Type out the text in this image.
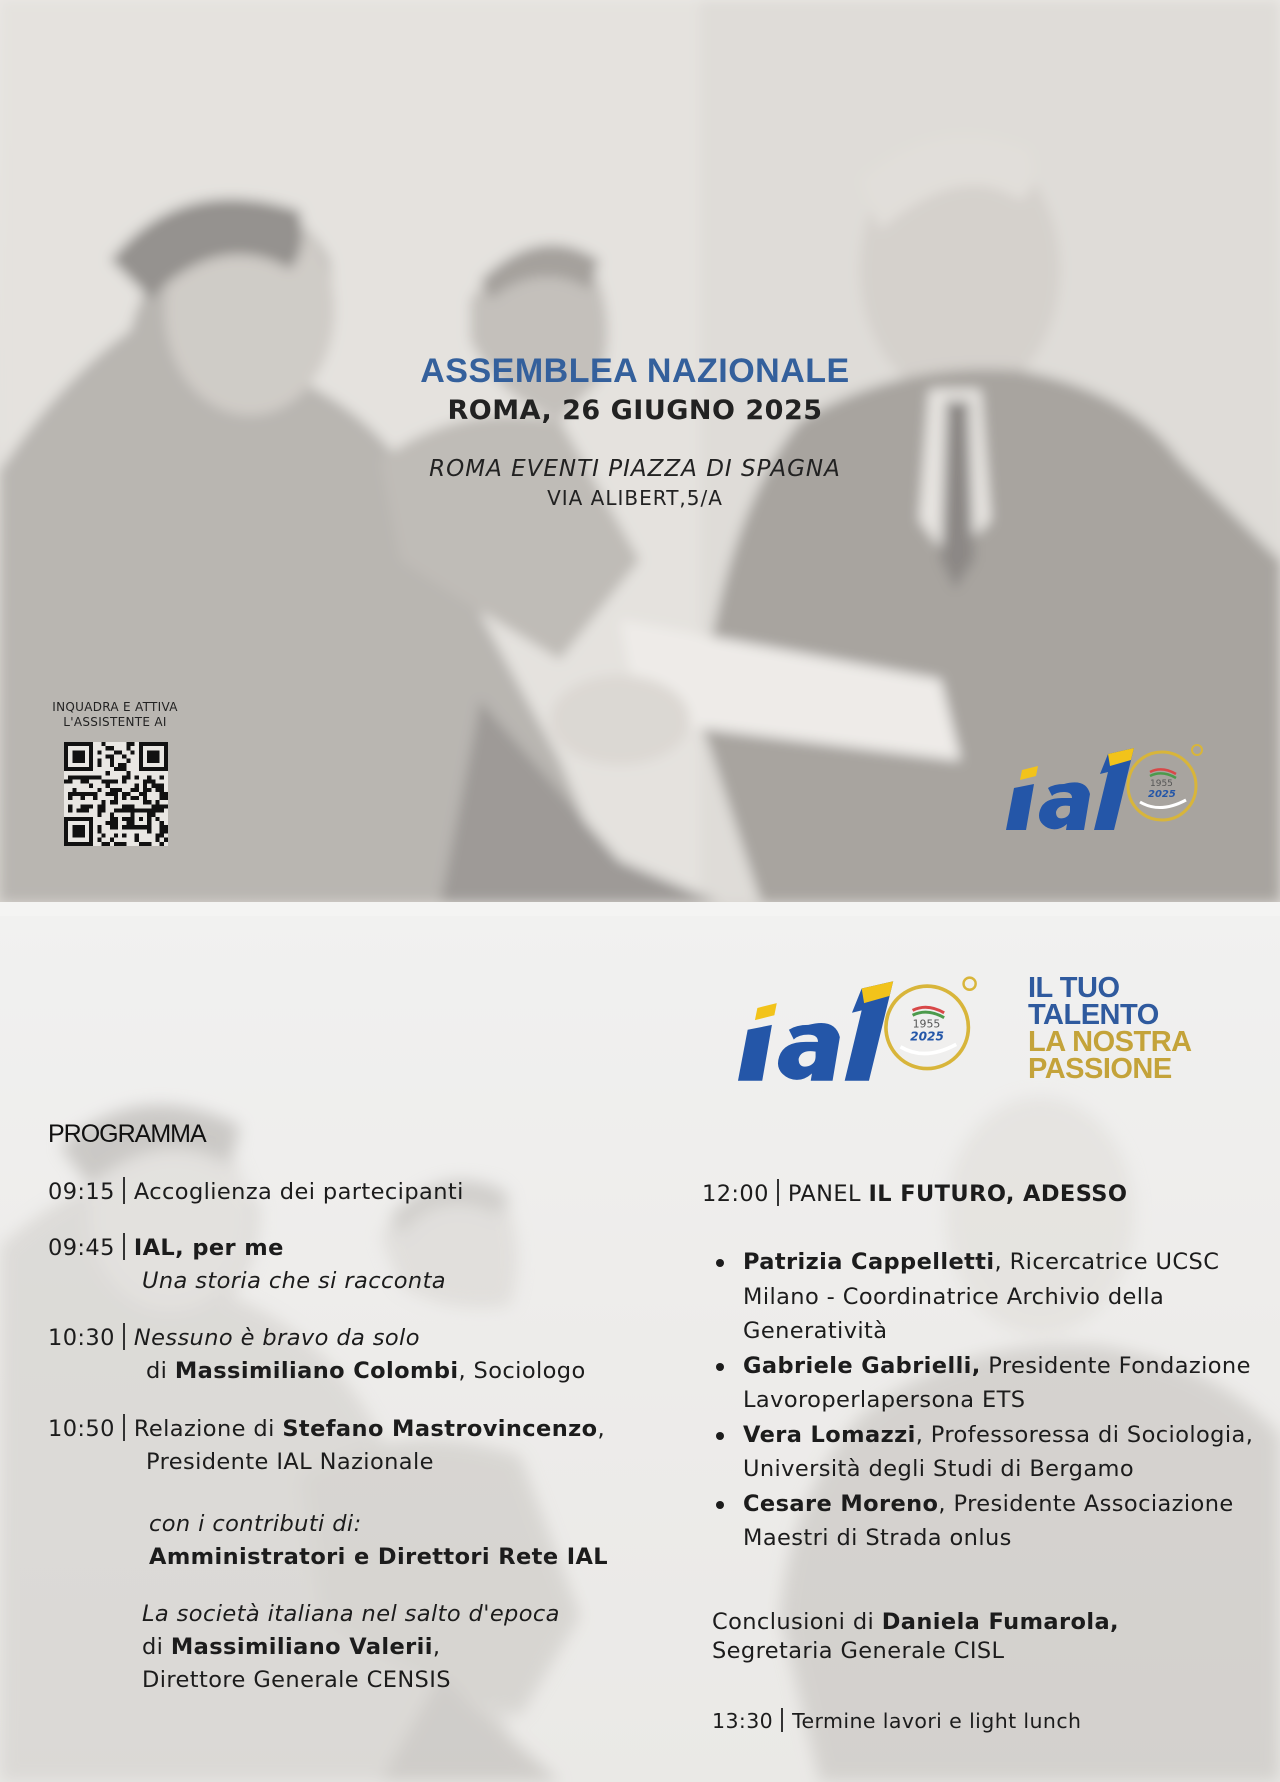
ASSEMBLEA NAZIONALE
ROMA, 26 GIUGNO 2025
ROMA EVENTI PIAZZA DI SPAGNA
VIA ALIBERT,5/A
INQUADRA E ATTIVA
L'ASSISTENTE AI
1955
2025
1955
2025
IL TUO
TALENTO
LA NOSTRA
PASSIONE
PROGRAMMA
09:15 Accoglienza dei partecipanti
09:45 IAL, per me
Una storia che si racconta
10:30 Nessuno è bravo da solo
di Massimiliano Colombi, Sociologo
10:50 Relazione di Stefano Mastrovincenzo,
Presidente IAL Nazionale
con i contributi di:
Amministratori e Direttori Rete IAL
La società italiana nel salto d'epoca
di Massimiliano Valerii,
Direttore Generale CENSIS
12:00 PANEL IL FUTURO, ADESSO
Patrizia Cappelletti, Ricercatrice UCSC Milano - Coordinatrice Archivio della Generatività
Gabriele Gabrielli, Presidente Fondazione Lavoroperlapersona ETS
Vera Lomazzi, Professoressa di Sociologia, Università degli Studi di Bergamo
Cesare Moreno, Presidente Associazione Maestri di Strada onlus
Conclusioni di Daniela Fumarola,
Segretaria Generale CISL
13:30 Termine lavori e light lunch
